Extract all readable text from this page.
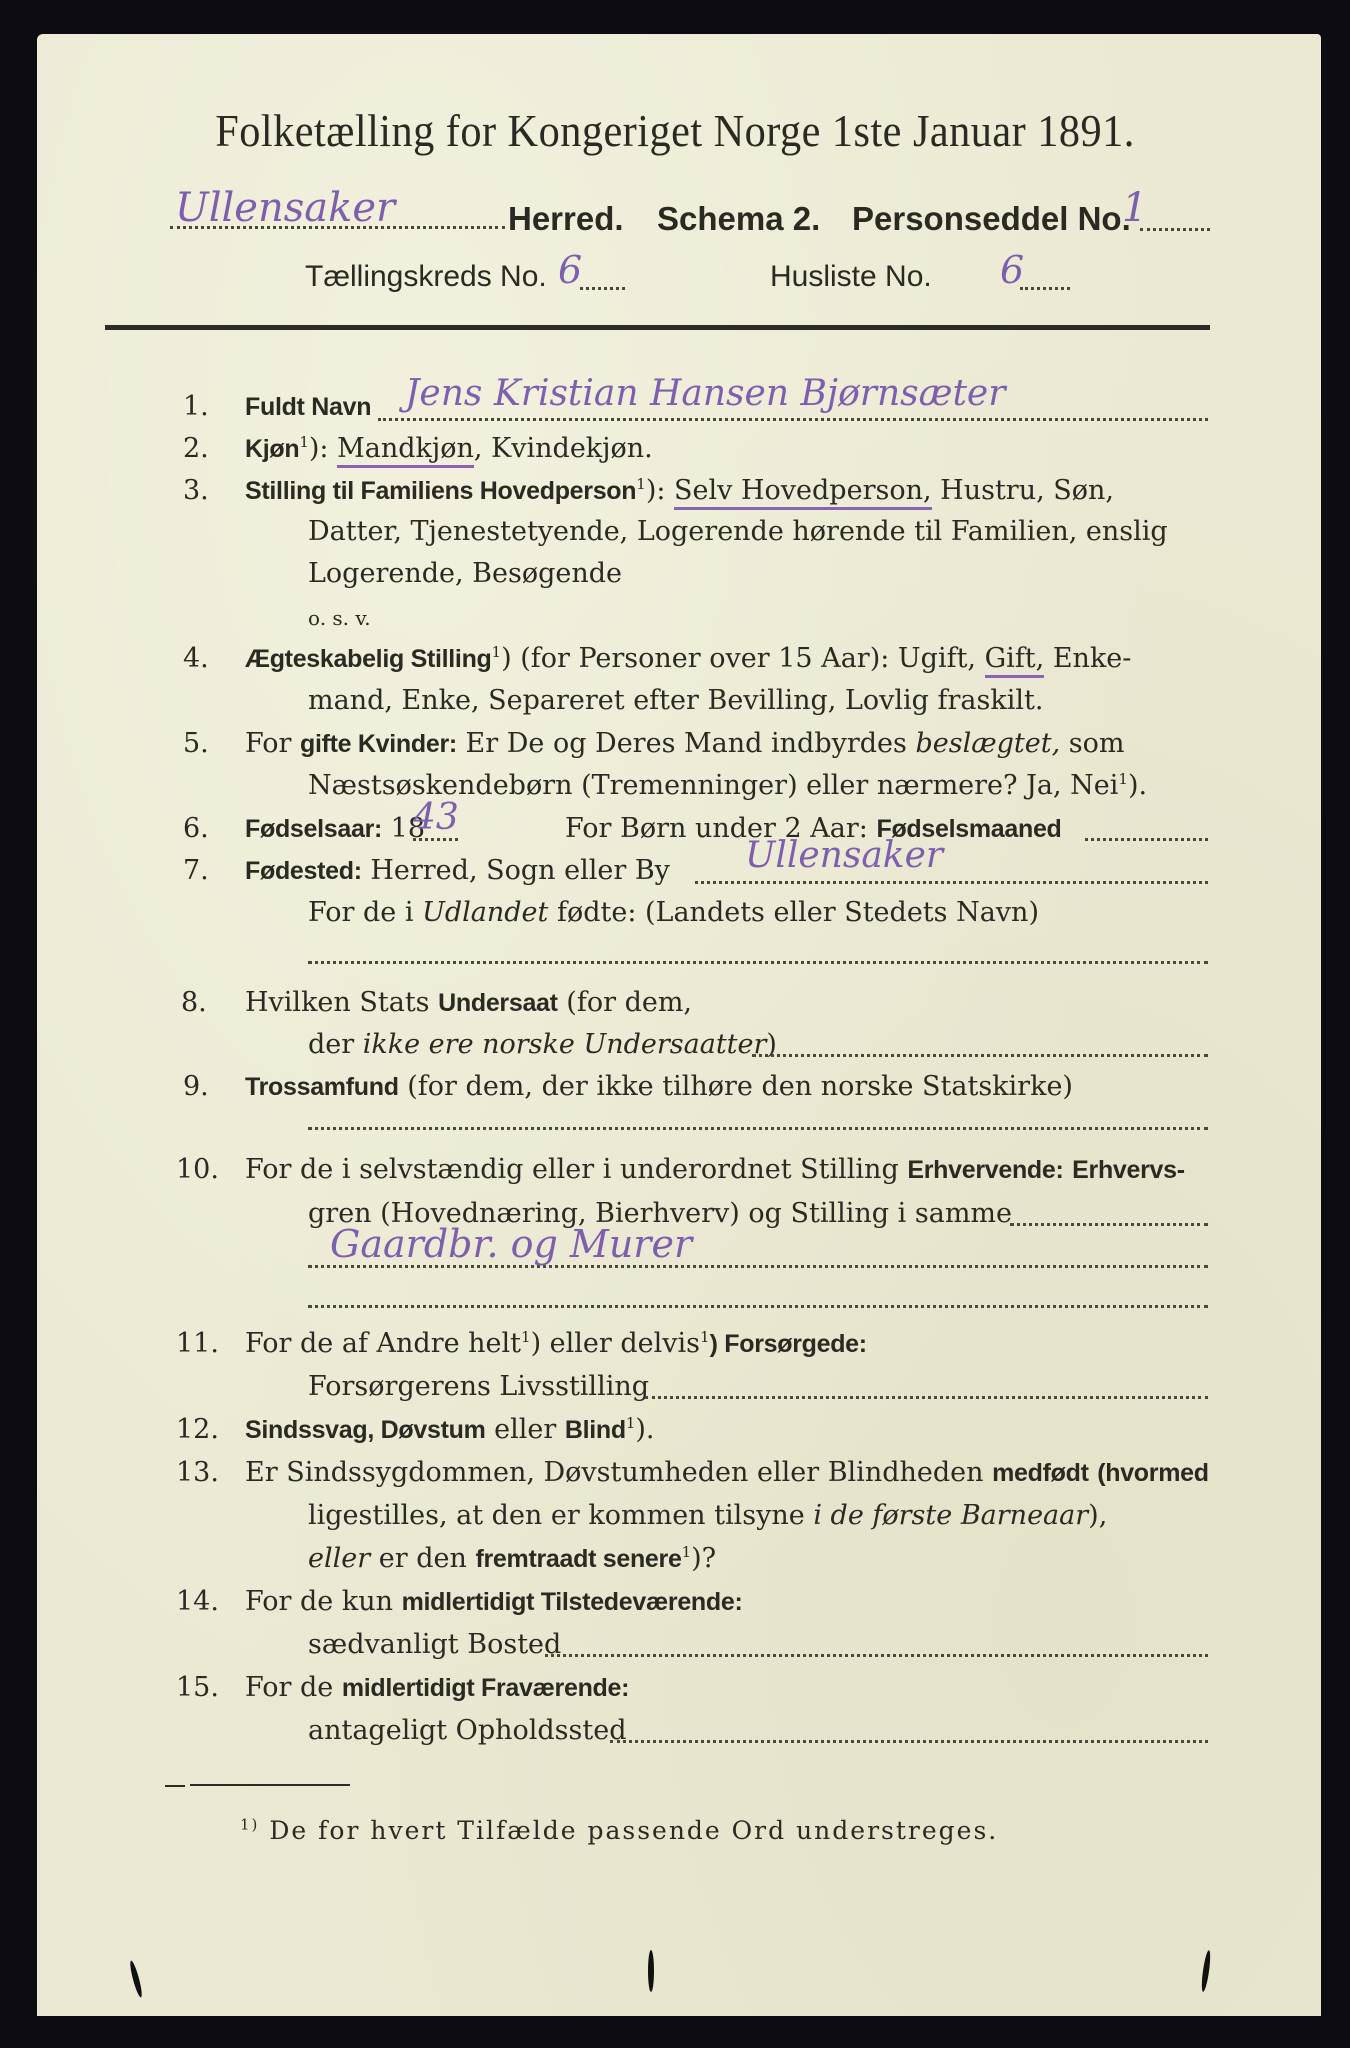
Folketælling for Kongeriget Norge 1ste Januar 1891.
Ullensaker	Herred. Schema 2. Personseddel No.
1
Tællingskreds No. 6	Husliste No. 6
1. Fuldt Navn Jens Kristian Hansen Bjørnsæter
2. Kjøn$^1$): Mandkjøn, Kvindekjøn.
3. Stilling til Familiens Hovedperson$^1$): Selv Hovedperson, Hustru, Søn,
Datter, Tjenestetyende, Logerende hørende til Familien, enslig
Logerende, Besøgende
o. s. v.
4. Ægteskabelig Stilling$^1$) (for Personer over 15 Aar): Ugift, Gift, Enke-
mand, Enke, Separeret efter Bevilling, Lovlig fraskilt.
5. For gifte Kvinder: Er De og Deres Mand indbyrdes beslægtet, som
Næstsøskendebørn (Tremenninger) eller nærmere? Ja, Nei$^1$).
6. Fødselsaar: 18
43	For Børn under 2 Aar: Fødselsmaaned
7. Fødested: Herred, Sogn eller By Ullensaker
For de i Udlandet fødte: (Landets eller Stedets Navn)
8. Hvilken Stats Undersaat (for dem,
der ikke ere norske Undersaatter)
9. Trossamfund (for dem, der ikke tilhøre den norske Statskirke)
10. For de i selvstændig eller i underordnet Stilling Erhvervende: Erhvervs-
gren (Hovednæring, Bierhverv) og Stilling i samme
Gaardbr. og Murer
11. For de af Andre helt$^1$) eller delvis$^1$) Forsørgede:
Forsørgerens Livsstilling
12. Sindssvag, Døvstum eller Blind$^1$).
13. Er Sindssygdommen, Døvstumheden eller Blindheden medfødt (hvormed
ligestilles, at den er kommen tilsyne i de første Barneaar),
eller er den fremtraadt senere$^1$)?
14. For de kun midlertidigt Tilstedeværende:
sædvanligt Bosted
15. For de midlertidigt Fraværende:
antageligt Opholdssted
$^{1)}$ De for hvert Tilfælde passende Ord understreges.
